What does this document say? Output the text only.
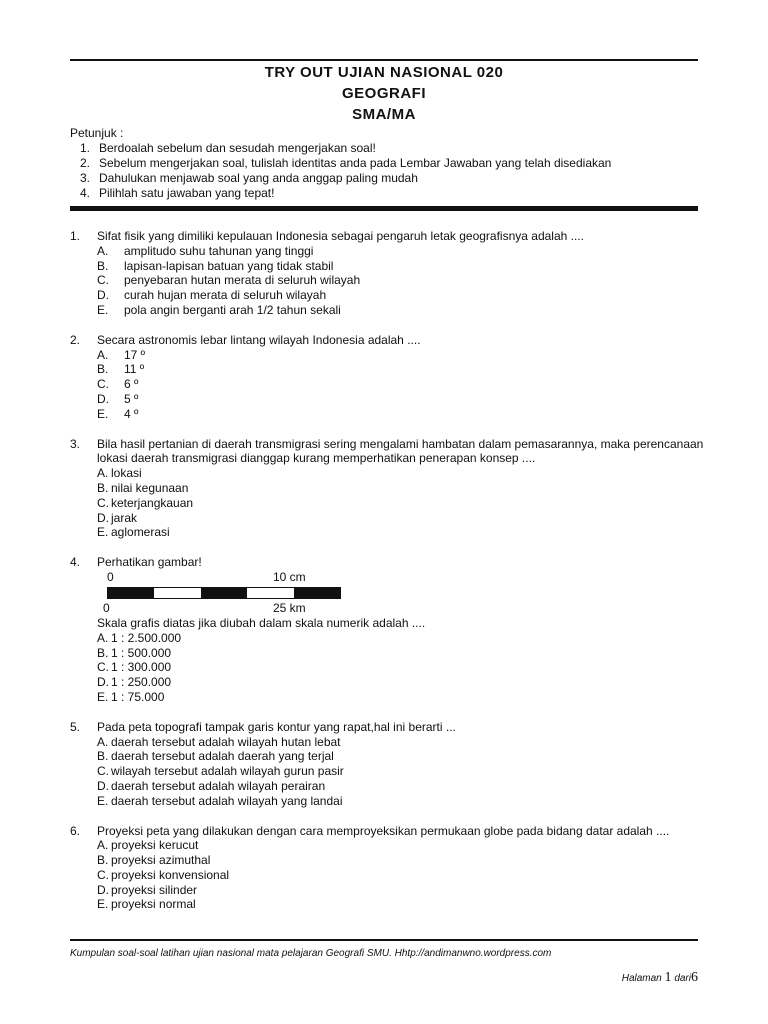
TRY OUT UJIAN NASIONAL 020
GEOGRAFI
SMA/MA
Petunjuk :
1. Berdoalah sebelum dan sesudah mengerjakan soal!
2. Sebelum mengerjakan soal, tulislah identitas anda pada Lembar Jawaban yang telah disediakan
3. Dahulukan menjawab soal yang anda anggap paling mudah
4. Pilihlah satu jawaban yang tepat!
1.	Sifat fisik yang dimiliki kepulauan Indonesia sebagai pengaruh letak geografisnya adalah ....
A.	amplitudo suhu tahunan yang tinggi
B.	lapisan-lapisan batuan yang tidak stabil
C.	penyebaran hutan merata di seluruh wilayah
D.	curah hujan merata di seluruh wilayah
E.	pola angin berganti arah 1/2 tahun sekali
2.	Secara astronomis lebar lintang wilayah Indonesia adalah ....
A.	17 º
B.	11 º
C.	6 º
D.	5 º
E.	4 º
3.	Bila hasil pertanian di daerah transmigrasi sering mengalami hambatan dalam pemasarannya, maka perencanaan lokasi daerah transmigrasi dianggap kurang memperhatikan penerapan konsep ....
A. lokasi
B. nilai kegunaan
C. keterjangkauan
D. jarak
E. aglomerasi
4.	Perhatikan gambar!
0	10 cm
0	25 km
Skala grafis diatas jika diubah dalam skala numerik adalah ....
A. 1 : 2.500.000
B. 1 : 500.000
C. 1 : 300.000
D. 1 : 250.000
E. 1 : 75.000
5.	Pada peta topografi tampak garis kontur yang rapat,hal ini berarti ...
A. daerah tersebut adalah wilayah hutan lebat
B. daerah tersebut adalah daerah yang terjal
C. wilayah tersebut adalah wilayah gurun pasir
D. daerah tersebut adalah wilayah perairan
E. daerah tersebut adalah wilayah yang landai
6.	Proyeksi peta yang dilakukan dengan cara memproyeksikan permukaan globe pada bidang datar adalah ....
A. proyeksi kerucut
B. proyeksi azimuthal
C. proyeksi konvensional
D. proyeksi silinder
E. proyeksi normal
Kumpulan soal-soal latihan ujian nasional mata pelajaran Geografi SMU. Hhtp://andimanwno.wordpress.com
Halaman 1 dari6
